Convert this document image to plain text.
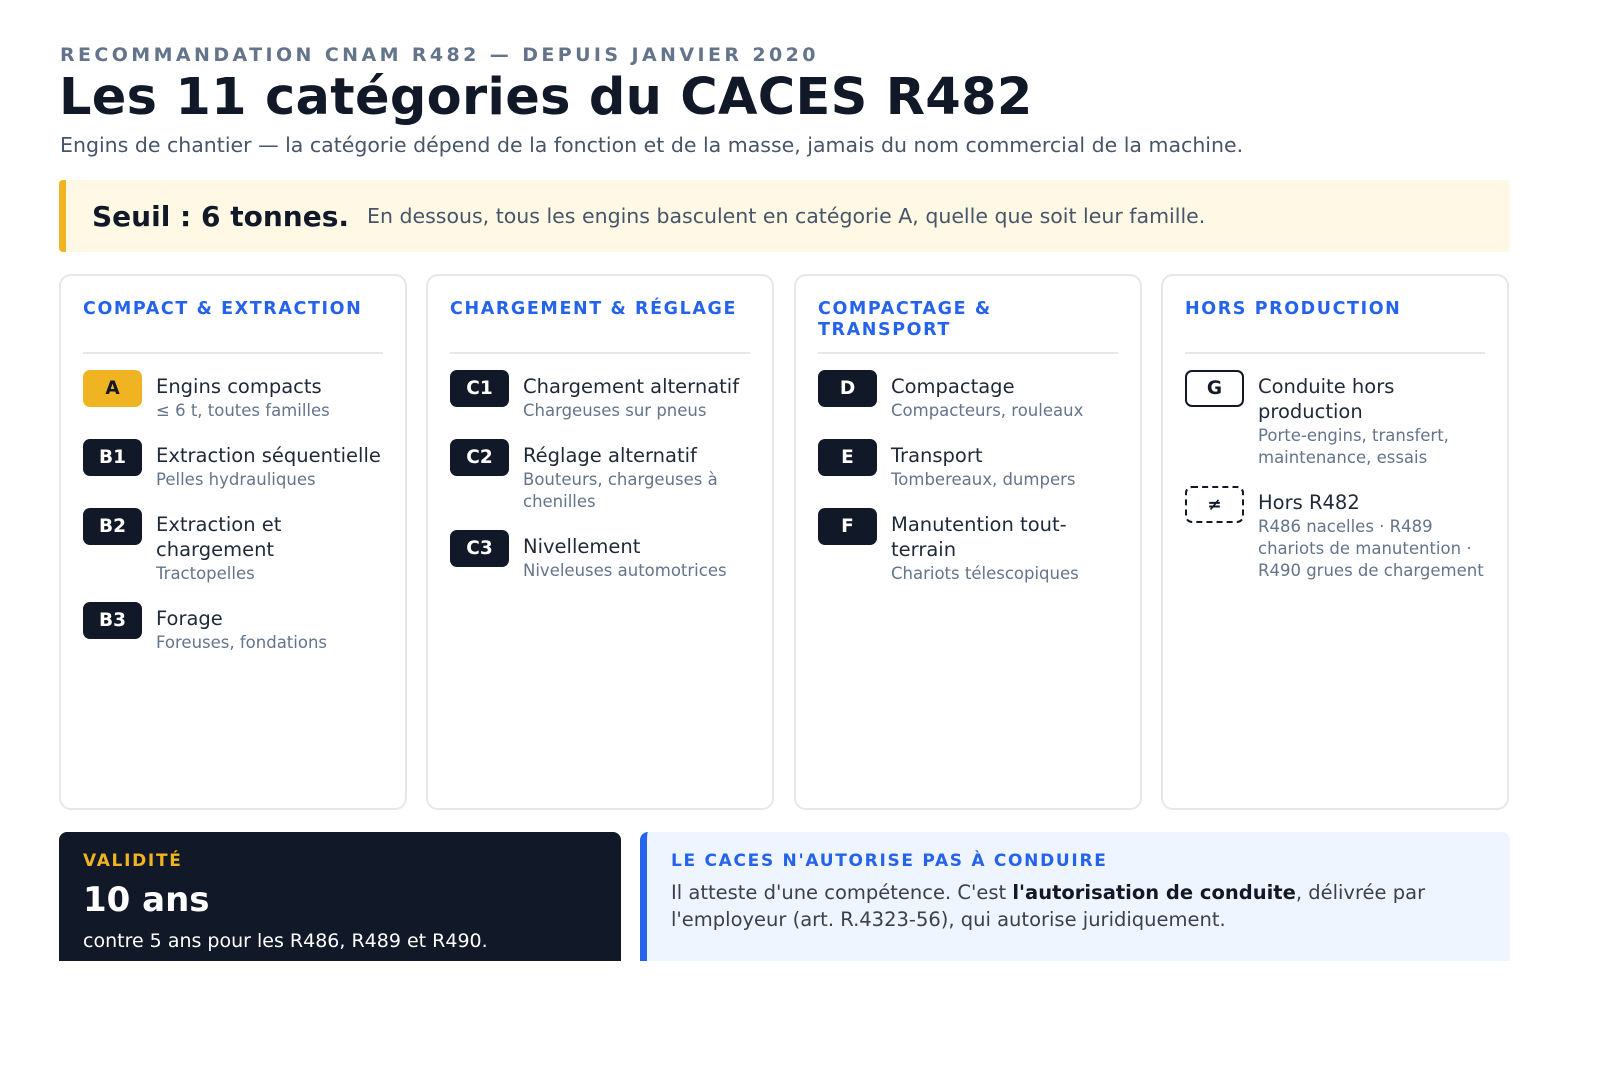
RECOMMANDATION CNAM R482 — DEPUIS JANVIER 2020
Les 11 catégories du CACES R482
Engins de chantier — la catégorie dépend de la fonction et de la masse, jamais du nom commercial de la machine.
Seuil : 6 tonnes. En dessous, tous les engins basculent en catégorie A, quelle que soit leur famille.
COMPACT & EXTRACTION
A	Engins compacts
≤ 6 t, toutes familles
B1	Extraction séquentielle
Pelles hydrauliques
B2	Extraction et chargement
Tractopelles
B3	Forage
Foreuses, fondations
CHARGEMENT & RÉGLAGE
C1	Chargement alternatif
Chargeuses sur pneus
C2	Réglage alternatif
Bouteurs, chargeuses à chenilles
C3	Nivellement
Niveleuses automotrices
COMPACTAGE & TRANSPORT
D	Compactage
Compacteurs, rouleaux
E	Transport
Tombereaux, dumpers
F	Manutention tout-terrain
Chariots télescopiques
HORS PRODUCTION
G	Conduite hors production
Porte-engins, transfert, maintenance, essais
≠	Hors R482
R486 nacelles · R489 chariots de manutention · R490 grues de chargement
VALIDITÉ
10 ans
contre 5 ans pour les R486, R489 et R490.
LE CACES N'AUTORISE PAS À CONDUIRE
Il atteste d'une compétence. C'est l'autorisation de conduite, délivrée par l'employeur (art. R.4323-56), qui autorise juridiquement.
